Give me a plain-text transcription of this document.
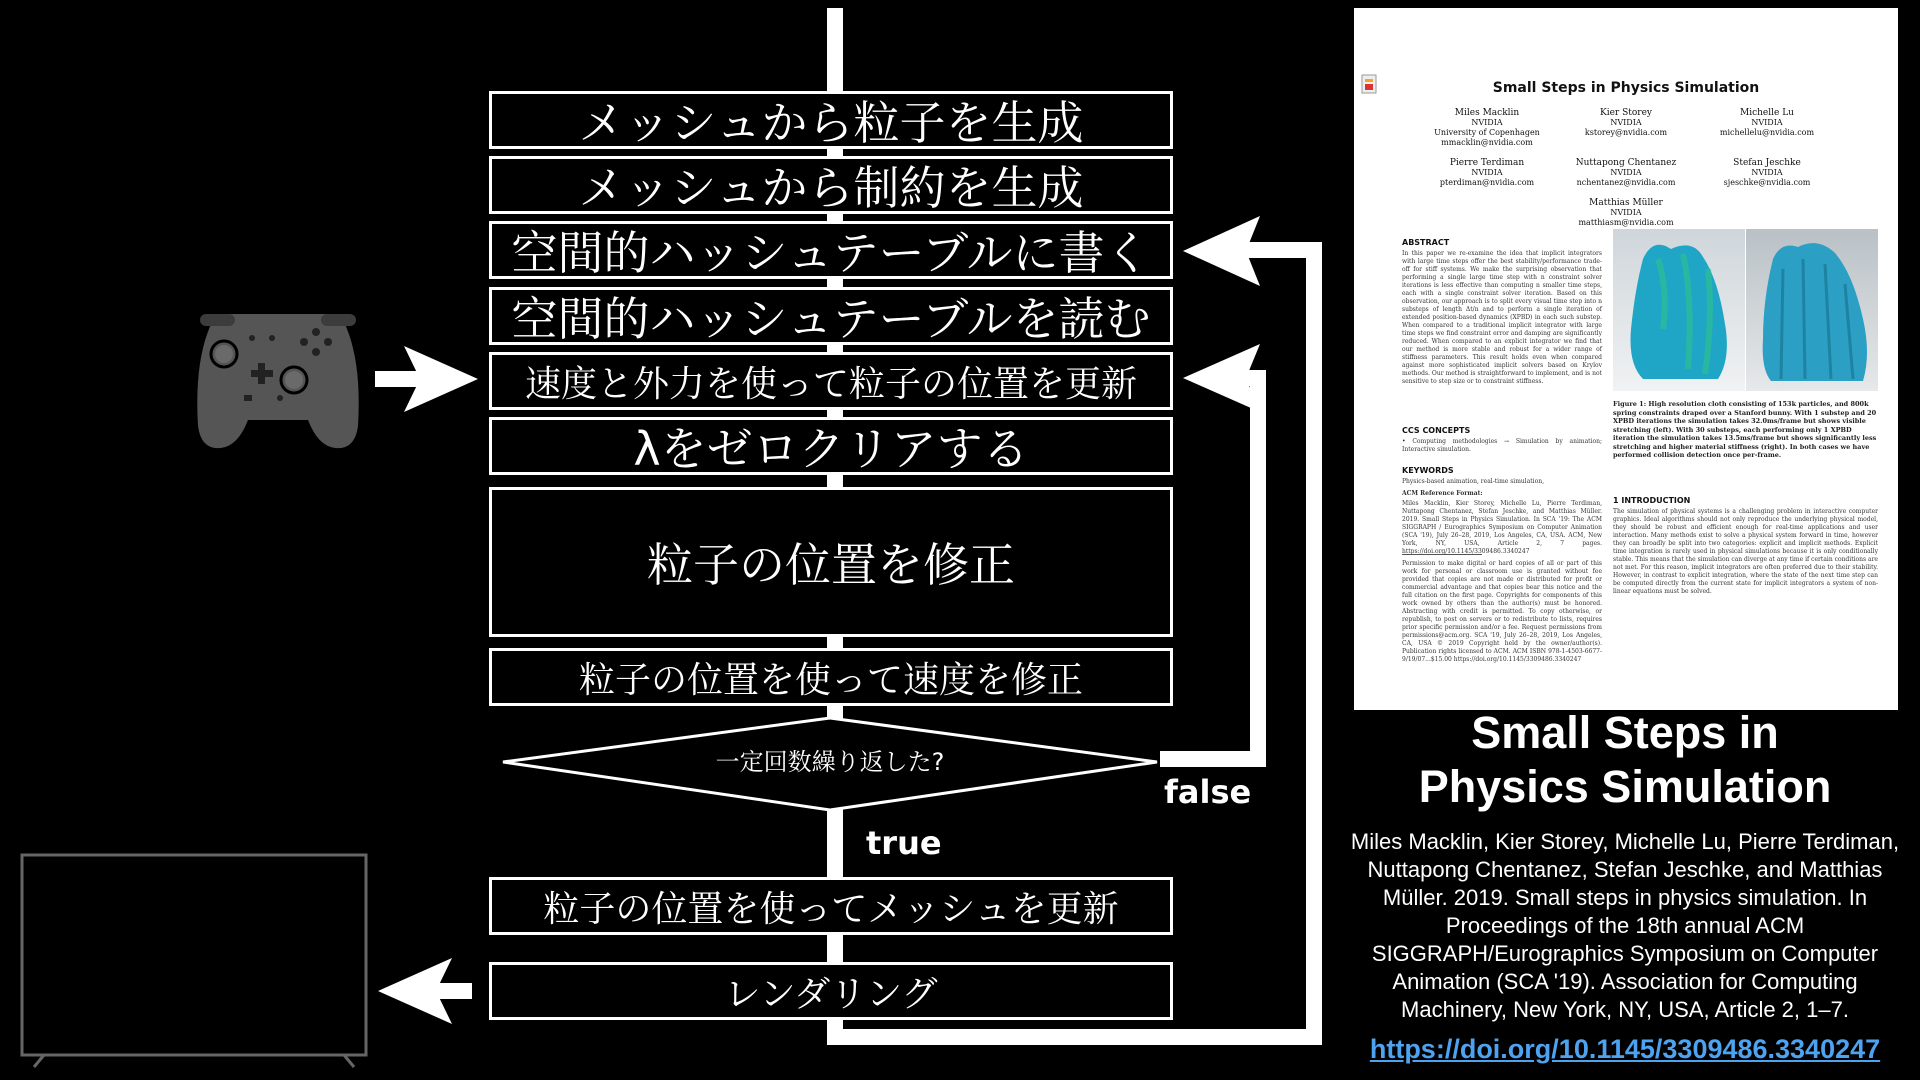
メッシュから粒子を生成
メッシュから制約を生成
空間的ハッシュテーブルに書く
空間的ハッシュテーブルを読む
速度と外力を使って粒子の位置を更新
λをゼロクリアする
粒子の位置を修正
粒子の位置を使って速度を修正
一定回数繰り返した?
false
true
粒子の位置を使ってメッシュを更新
レンダリング
Small Steps in Physics Simulation
Miles Macklin
NVIDIA
University of Copenhagen
mmacklin@nvidia.com
Kier Storey
NVIDIA
kstorey@nvidia.com
Michelle Lu
NVIDIA
michellelu@nvidia.com
Pierre Terdiman
NVIDIA
pterdiman@nvidia.com
Nuttapong Chentanez
NVIDIA
nchentanez@nvidia.com
Stefan Jeschke
NVIDIA
sjeschke@nvidia.com
Matthias Müller
NVIDIA
matthiasm@nvidia.com
ABSTRACT
In this paper we re-examine the idea that implicit integrators with large time steps offer the best stability/performance trade-off for stiff systems. We make the surprising observation that performing a single large time step with n constraint solver iterations is less effective than computing n smaller time steps, each with a single constraint solver iteration. Based on this observation, our approach is to split every visual time step into n substeps of length Δt/n and to perform a single iteration of extended position-based dynamics (XPBD) in each such substep. When compared to a traditional implicit integrator with large time steps we find constraint error and damping are significantly reduced. When compared to an explicit integrator we find that our method is more stable and robust for a wider range of stiffness parameters. This result holds even when compared against more sophisticated implicit solvers based on Krylov methods. Our method is straightforward to implement, and is not sensitive to step size or to constraint stiffness.
CCS CONCEPTS
• Computing methodologies → Simulation by animation; Interactive simulation.
KEYWORDS
Physics-based animation, real-time simulation,
ACM Reference Format:
Miles Macklin, Kier Storey, Michelle Lu, Pierre Terdiman, Nuttapong Chentanez, Stefan Jeschke, and Matthias Müller. 2019. Small Steps in Physics Simulation. In SCA '19: The ACM SIGGRAPH / Eurographics Symposium on Computer Animation (SCA '19), July 26–28, 2019, Los Angeles, CA, USA. ACM, New York, NY, USA, Article 2, 7 pages. https://doi.org/10.1145/3309486.3340247
Permission to make digital or hard copies of all or part of this work for personal or classroom use is granted without fee provided that copies are not made or distributed for profit or commercial advantage and that copies bear this notice and the full citation on the first page. Copyrights for components of this work owned by others than the author(s) must be honored. Abstracting with credit is permitted. To copy otherwise, or republish, to post on servers or to redistribute to lists, requires prior specific permission and/or a fee. Request permissions from permissions@acm.org. SCA '19, July 26–28, 2019, Los Angeles, CA, USA © 2019 Copyright held by the owner/author(s). Publication rights licensed to ACM. ACM ISBN 978-1-4503-6677-9/19/07...$15.00 https://doi.org/10.1145/3309486.3340247
Figure 1: High resolution cloth consisting of 153k particles, and 800k spring constraints draped over a Stanford bunny. With 1 substep and 20 XPBD iterations the simulation takes 32.0ms/frame but shows visible stretching (left). With 30 substeps, each performing only 1 XPBD iteration the simulation takes 13.5ms/frame but shows significantly less stretching and higher material stiffness (right). In both cases we have performed collision detection once per-frame.
1 INTRODUCTION
The simulation of physical systems is a challenging problem in interactive computer graphics. Ideal algorithms should not only reproduce the underlying physical model, they should be robust and efficient enough for real-time applications and user interaction. Many methods exist to solve a physical system forward in time, however they can broadly be split into two categories: explicit and implicit methods. Explicit time integration is rarely used in physical simulations because it is only conditionally stable. This means that the simulation can diverge at any time if certain conditions are not met. For this reason, implicit integrators are often preferred due to their stability. However, in contrast to explicit integration, where the state of the next time step can be computed directly from the current state for implicit integrators a system of non-linear equations must be solved.
Small Steps in
Physics Simulation
Miles Macklin, Kier Storey, Michelle Lu, Pierre Terdiman, Nuttapong Chentanez, Stefan Jeschke, and Matthias Müller. 2019. Small steps in physics simulation. In Proceedings of the 18th annual ACM SIGGRAPH/Eurographics Symposium on Computer Animation (SCA '19). Association for Computing Machinery, New York, NY, USA, Article 2, 1–7.
https://doi.org/10.1145/3309486.3340247
